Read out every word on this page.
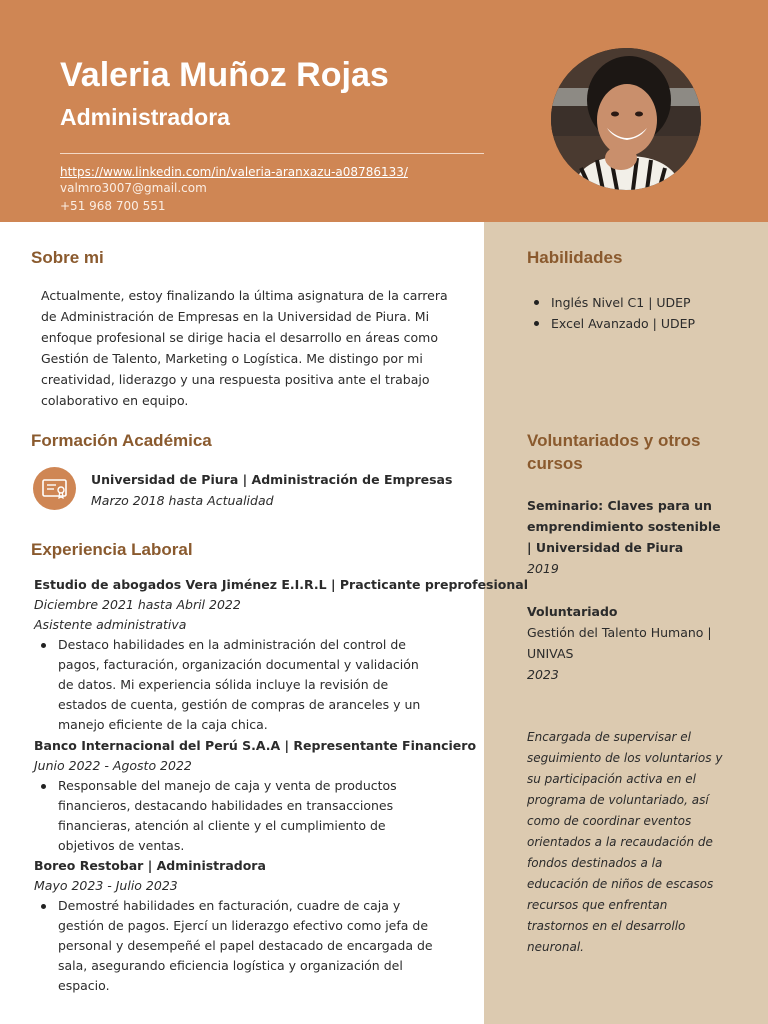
Valeria Muñoz Rojas
Administradora
https://www.linkedin.com/in/valeria-aranxazu-a08786133/
valmro3007@gmail.com
+51 968 700 551
Sobre mi
Actualmente, estoy finalizando la última asignatura de la carrera de Administración de Empresas en la Universidad de Piura. Mi enfoque profesional se dirige hacia el desarrollo en áreas como Gestión de Talento, Marketing o Logística. Me distingo por mi creatividad, liderazgo y una respuesta positiva ante el trabajo colaborativo en equipo.
Formación Académica
Universidad de Piura | Administración de Empresas
Marzo 2018 hasta Actualidad
Experiencia Laboral
Estudio de abogados Vera Jiménez E.I.R.L | Practicante preprofesional
Diciembre 2021 hasta Abril 2022
Asistente administrativa
Destaco habilidades en la administración del control de pagos, facturación, organización documental y validación de datos. Mi experiencia sólida incluye la revisión de estados de cuenta, gestión de compras de aranceles y un manejo eficiente de la caja chica.
Banco Internacional del Perú S.A.A | Representante Financiero
Junio 2022 - Agosto 2022
Responsable del manejo de caja y venta de productos financieros, destacando habilidades en transacciones financieras, atención al cliente y el cumplimiento de objetivos de ventas.
Boreo Restobar | Administradora
Mayo 2023 - Julio 2023
Demostré habilidades en facturación, cuadre de caja y gestión de pagos. Ejercí un liderazgo efectivo como jefa de personal y desempeñé el papel destacado de encargada de sala, asegurando eficiencia logística y organización del espacio.
Habilidades
Inglés Nivel C1 | UDEP
Excel Avanzado | UDEP
Voluntariados y otros cursos
Seminario: Claves para un emprendimiento sostenible | Universidad de Piura
2019
Voluntariado
Gestión del Talento Humano | UNIVAS
2023
Encargada de supervisar el seguimiento de los voluntarios y su participación activa en el programa de voluntariado, así como de coordinar eventos orientados a la recaudación de fondos destinados a la educación de niños de escasos recursos que enfrentan trastornos en el desarrollo neuronal.
